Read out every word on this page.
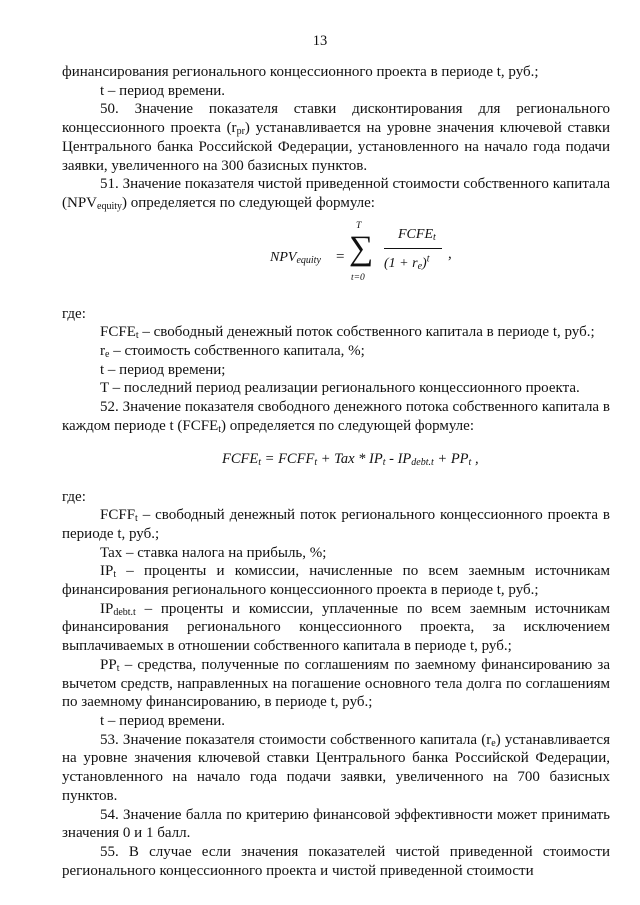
13

финансирования регионального концессионного проекта в периоде t, руб.;

t – период времени.

50. Значение показателя ставки дисконтирования для регионального концессионного проекта $(r_{pr})$ устанавливается на уровне значения ключевой ставки Центрального банка Российской Федерации, установленного на начало года подачи заявки, увеличенного на 300 базисных пунктов.

51. Значение показателя чистой приведенной стоимости собственного капитала $(NPV_{equity})$ определяется по следующей формуле:

$NPV_{equity}$ =
T
∑
t=0
$FCFE_t$
$(1 + r_e)^t$ ,

где:

$FCFE_t$ – свободный денежный поток собственного капитала в периоде t, руб.;

$r_e$ – стоимость собственного капитала, %;

t – период времени;

T – последний период реализации регионального концессионного проекта.

52. Значение показателя свободного денежного потока собственного капитала в каждом периоде t $(FCFE_t)$ определяется по следующей формуле:

$FCFE_t$ = $FCFF_t$ + Tax * $IP_t - IP_{debt.t} + PP_t$ ,

где:

$FCFF_t$ – свободный денежный поток регионального концессионного проекта в периоде t, руб.;

Tax – ставка налога на прибыль, %;

$IP_t$ – проценты и комиссии, начисленные по всем заемным источникам финансирования регионального концессионного проекта в периоде t, руб.;

$IP_{debt.t}$ – проценты и комиссии, уплаченные по всем заемным источникам финансирования регионального концессионного проекта, за исключением выплачиваемых в отношении собственного капитала в периоде t, руб.;

$PP_t$ – средства, полученные по соглашениям по заемному финансированию за вычетом средств, направленных на погашение основного тела долга по соглашениям по заемному финансированию, в периоде t, руб.;

t – период времени.

53. Значение показателя стоимости собственного капитала $(r_e)$ устанавливается на уровне значения ключевой ставки Центрального банка Российской Федерации, установленного на начало года подачи заявки, увеличенного на 700 базисных пунктов.

54. Значение балла по критерию финансовой эффективности может принимать значения 0 и 1 балл.

55. В случае если значения показателей чистой приведенной стоимости регионального концессионного проекта и чистой приведенной стоимости
